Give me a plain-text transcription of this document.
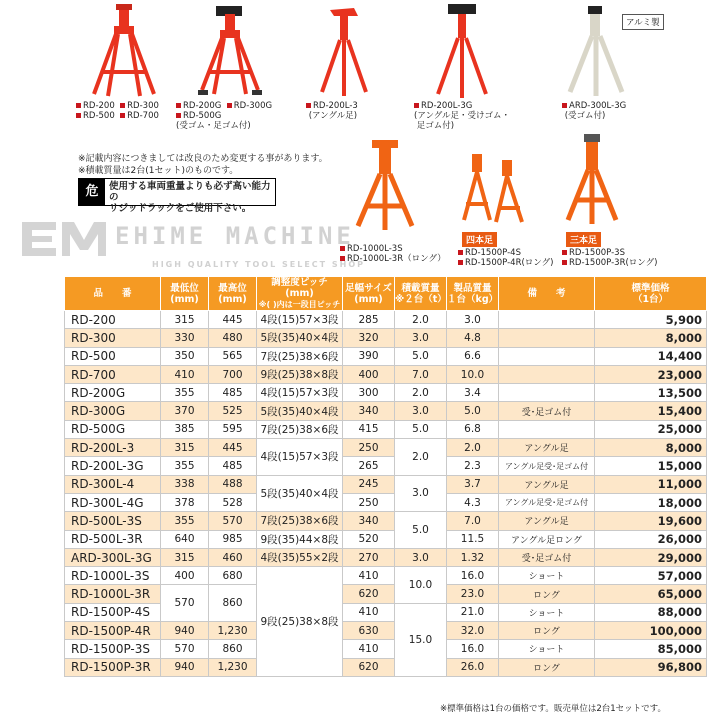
アルミ製
RD-200 RD-300
RD-500 RD-700
RD-200G RD-300G
RD-500G
(受ゴム・足ゴム付)
RD-200L-3
(アングル足)
RD-200L-3G
(アングル足・受けゴム・
足ゴム付)
ARD-300L-3G
(受ゴム付)
RD-1000L-3S
RD-1000L-3R（ロング）
四本足
RD-1500P-4S
RD-1500P-4R(ロング)
三本足
RD-1500P-3S
RD-1500P-3R(ロング)
※記載内容につきましては改良のため変更する事があります。
※積載質量は2台(1セット)のものです。
危	使用する車両重量よりも必ず高い能力の
リジッドラックをご使用下さい。
EHIME MACHINE
HIGH QUALITY TOOL SELECT SHOP
品　　番	最低位
(mm)	最高位
(mm)	調整度ピッチ(mm)
※( )内は一段目ピッチ	足幅サイズ
(mm)	積載質量
※２台（t）	製品質量
１台（kg）	備　　考	標準価格
（1台）
RD-200	315	445	4段(15)57×3段	285	2.0	3.0		5,900
RD-300	330	480	5段(35)40×4段	320	3.0	4.8		8,000
RD-500	350	565	7段(25)38×6段	390	5.0	6.6		14,400
RD-700	410	700	9段(25)38×8段	400	7.0	10.0		23,000
RD-200G	355	485	4段(15)57×3段	300	2.0	3.4		13,500
RD-300G	370	525	5段(35)40×4段	340	3.0	5.0	受･足ゴム付	15,400
RD-500G	385	595	7段(25)38×6段	415	5.0	6.8		25,000
RD-200L-3	315	445	4段(15)57×3段	250	2.0	2.0	アングル足	8,000
RD-200L-3G	355	485		265		2.3	アングル足受･足ゴム付	15,000
RD-300L-4	338	488	5段(35)40×4段	245	3.0	3.7	アングル足	11,000
RD-300L-4G	378	528		250		4.3	アングル足受･足ゴム付	18,000
RD-500L-3S	355	570	7段(25)38×6段	340	5.0	7.0	アングル足	19,600
RD-500L-3R	640	985	9段(35)44×8段	520		11.5	アングル足ロング	26,000
ARD-300L-3G	315	460	4段(35)55×2段	270	3.0	1.32	受･足ゴム付	29,000
RD-1000L-3S	400	680	9段(25)38×8段	410	10.0	16.0	ショート	57,000
RD-1000L-3R	570	860		620		23.0	ロング	65,000
RD-1500P-4S				410	15.0	21.0	ショート	88,000
RD-1500P-4R	940	1,230		630		32.0	ロング	100,000
RD-1500P-3S	570	860		410		16.0	ショート	85,000
RD-1500P-3R	940	1,230		620		26.0	ロング	96,800
※標準価格は1台の価格です。販売単位は2台1セットです。
